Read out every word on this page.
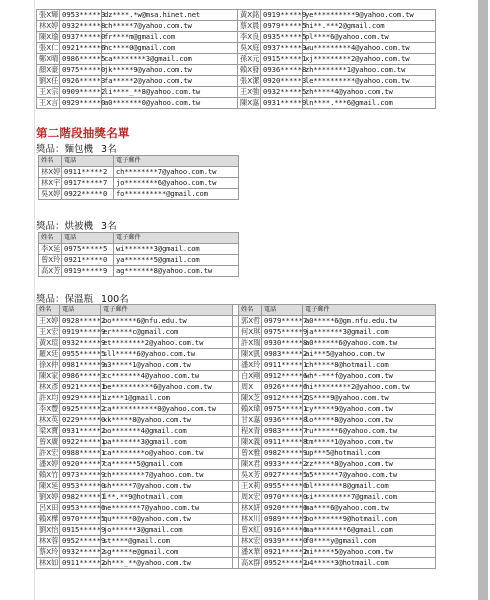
張X輝	0953*****3	dz****.*w@msa.hinet.net	黃X銘	0919*****9	ye**********9@yahoo.com.tw
林X婷	0932*****8	ch*****7@yahoo.com.tw	蔡X晨	0979*****5	hi**.***2@gmail.com
陳X瑜	0937*****0	fr****m@gmail.com	李X良	0935*****5	pl****6@yahoo.com.tw
張X仁	0921*****6	hc****0@gmail.com	吳X庭	0937*****3	wu*********4@yahoo.com.tw
鄭X晴	0986*****5	ca********3@gmail.com	孫X元	0915*****1	xj*********2@yahoo.com.tw
顏X豪	0975*****0	jk*****9@yahoo.com.tw	賴X發	0936*****8	zh********1@yahoo.com.tw
劉X任	0926*****3	fa*****2@yahoo.com.tw	張X潔	0920*****3	le**********@yahoo.com.tw
王X宗	0909*****2	li****_**8@yahoo.com.tw	王X強	0932*****5	zh*****4@yahoo.com.tw
王X言	0929*****0	a0*******0@yahoo.com.tw	陳X嘉	0931*****9	ln****.***6@gmail.com
第二階段抽獎名單
獎品：麵包機 3名
姓名	電話	電子郵件
林X婷	0911*****2	ch********7@yahoo.com.tw
林X宇	0917*****7	jo********6@yahoo.com.tw
吳X婷	0922*****0	fo**********@gmail.com
獎品：烘被機 3名
姓名	電話	電子郵件
李X延	0975*****5	wi*******3@gmail.com
曾X玲	0921*****0	ya*******5@gmail.com
高X芳	0919*****9	ag*******8@yahoo.com.tw
獎品：保溫瓶 100名
姓名	電話	電子郵件		姓名	電話	電子郵件
王X婷	0928*****2	bo******6@nfu.edu.tw		郭X哲	0979*****7	a0*****6@gm.nfu.edu.tw
王X宏	0919*****9	er*****c@gmail.com		何X琪	0975*****9	ja*******3@gmail.com
黃X瑄	0932*****9	et********2@yahoo.com.tw		許X瑞	0930*****8	a0******6@yahoo.com.tw
羅X廷	0955*****5	sll*****6@yahoo.com.tw		陳X凱	0983*****2	ai***5@yahoo.com.tw
徐X仲	0981*****9	a3*****1@yahoo.com.tw		潘X玲	0911*****1	ch*****8@hotmail.com
陳X家	0986*****3	cc*******4@yahoo.com.tw		白X剛	0912*****6	wh*-***f@yahoo.com.tw
林X彥	0921*****1	be**********6@yahoo.com.tw		周X	0926*****6	hi*********2@yahoo.com.tw
許X均	0929*****1	iz***1@gmail.com		陳X芝	0912*****2	QS****9@yahoo.com.tw
李X豐	0925*****2	ca***********0@yahoo.com.tw		賴X瑋	0975*****1	cy*****9@yahoo.com.tw
林X英	0229*****0	xk*****8@yahoo.com.tw		甘X嘉	0936*****8	lo*****8@yahoo.com.tw
梁X寶	0931*****2	bo*******4@gmail.com		程X青	0983*****7	ru******6@yahoo.com.tw
曾X廣	0922*****1	pa*******3@gmail.com		陳X義	0911*****8	tm*****1@yahoo.com.tw
許X宏	0988*****1	ca********o@yahoo.com.tw		曾X雅	0982*****9	up***5@hotmail.com
潘X婷	0920*****7	ca******5@gmail.com		陳X君	0933*****2	zz*****8@yahoo.com.tw
賴X竹	0973*****9	ch********7@yahoo.com.tw		吳X芳	0927*****5	a5******7@yahoo.com.tw
陳X延	0953*****0	sh*****7@yahoo.com.tw		王X莉	0955*****6	bl*******8@gmail.com
劉X婷	0982*****1	l**.**9@hotmail.com		周X宏	0970*****0	si*********7@gmail.com
呂X田	0953*****6	ne*******7@yahoo.com.tw		林X妍	0920*****6	ma****6@yahoo.com.tw
賴X樺	0970*****5	qu*****0@yahoo.com.tw		林X川	0989*****9	bo*******9@hotmail.com
劉X怡	0915*****9	jo******3@gmail.com		曾X紅	0916*****6	ma********6@gmail.com
林X蓉	0952*****9	st****@gmail.com		林X宏	0939*****0	f0****y@gmail.com
蔡X玲	0932*****2	sg*****e@gmail.com		潘X華	0921*****2	mi*****5@yahoo.com.tw
林X如	0911*****2	oh***_**@yahoo.com.tw		高X群	0952*****2	u4*****3@hotmail.com
